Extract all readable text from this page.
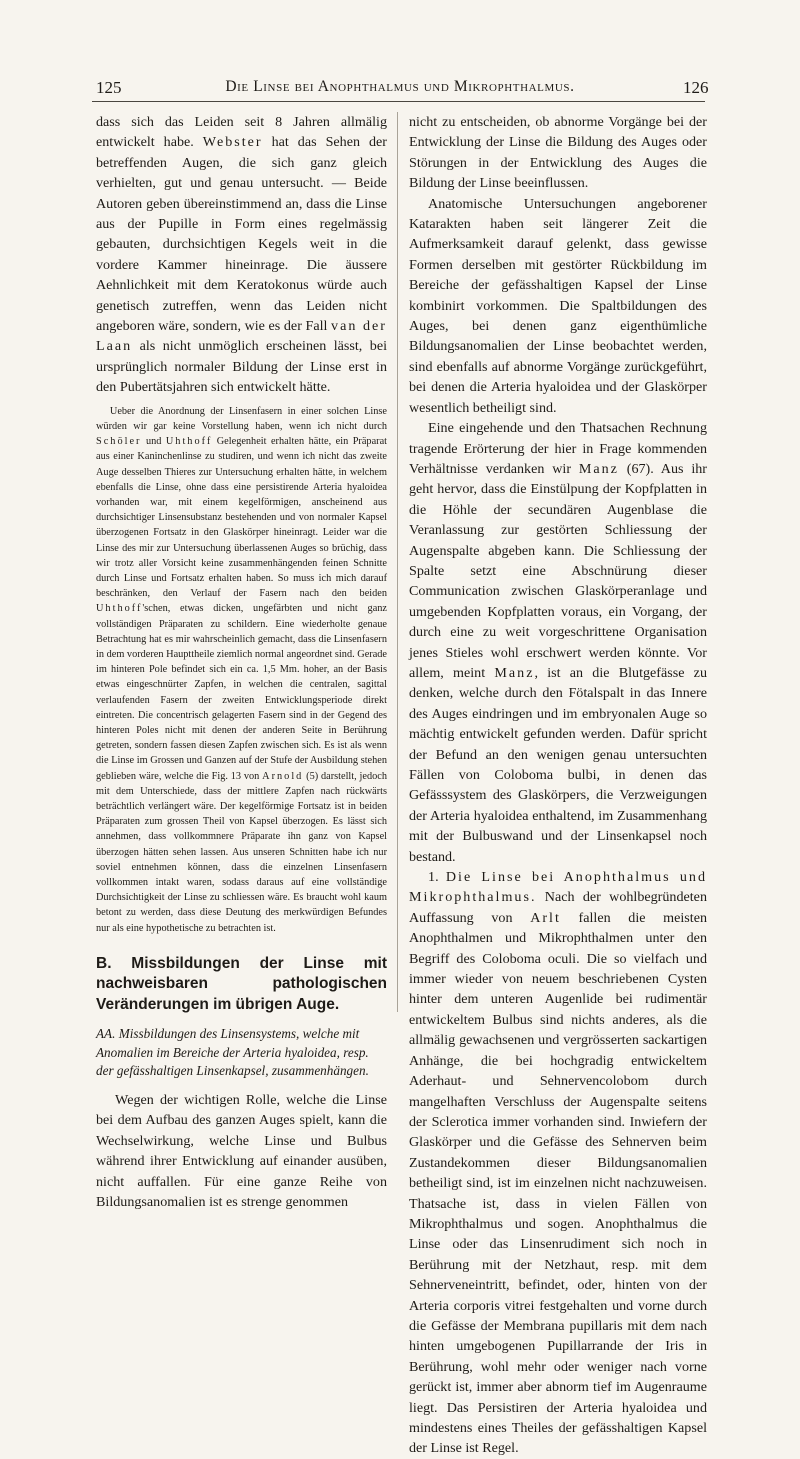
125	Die Linse bei Anophthalmus und Mikrophthalmus.	126

dass sich das Leiden seit 8 Jahren allmälig entwickelt habe. Webster hat das Sehen der betreffenden Augen, die sich ganz gleich verhielten, gut und genau untersucht. — Beide Autoren geben übereinstimmend an, dass die Linse aus der Pupille in Form eines regelmässig gebauten, durchsichtigen Kegels weit in die vordere Kammer hineinragе. Die äussere Aehnlichkeit mit dem Keratokonus würde auch genetisch zutreffen, wenn das Leiden nicht angeboren wäre, sondern, wie es der Fall van der Laan als nicht unmöglich erscheinen lässt, bei ursprünglich normaler Bildung der Linse erst in den Pubertätsjahren sich entwickelt hätte.

Ueber die Anordnung der Linsenfasern in einer solchen Linse würden wir gar keine Vorstellung haben, wenn ich nicht durch Schöler und Uhthoff Gelegenheit erhalten hätte, ein Präparat aus einer Kaninchenlinse zu studiren, und wenn ich nicht das zweite Auge desselben Thieres zur Untersuchung erhalten hätte, in welchem ebenfalls die Linse, ohne dass eine persistirende Arteria hyaloidea vorhanden war, mit einem kegelförmigen, anscheinend aus durchsichtiger Linsensubstanz bestehenden und von normaler Kapsel überzogenen Fortsatz in den Glaskörper hineinragt. Leider war die Linse des mir zur Untersuchung überlassenen Auges so brüchig, dass wir trotz aller Vorsicht keine zusammenhängenden feinen Schnitte durch Linse und Fortsatz erhalten haben. So muss ich mich darauf beschränken, den Verlauf der Fasern nach den beiden Uhthoff'schen, etwas dicken, ungefärbten und nicht ganz vollständigen Präparaten zu schildern. Eine wiederholte genaue Betrachtung hat es mir wahrscheinlich gemacht, dass die Linsenfasern in dem vorderen Haupttheile ziemlich normal angeordnet sind. Gerade im hinteren Pole befindet sich ein ca. 1,5 Mm. hoher, an der Basis etwas eingeschnürter Zapfen, in welchen die centralen, sagittal verlaufenden Fasern der zweiten Entwicklungsperiode direkt eintreten. Die concentrisch gelagerten Fasern sind in der Gegend des hinteren Poles nicht mit denen der anderen Seite in Berührung getreten, sondern fassen diesen Zapfen zwischen sich. Es ist als wenn die Linse im Grossen und Ganzen auf der Stufe der Ausbildung stehen geblieben wäre, welche die Fig. 13 von Arnold (5) darstellt, jedoch mit dem Unterschiede, dass der mittlere Zapfen nach rückwärts beträchtlich verlängert wäre. Der kegelförmige Fortsatz ist in beiden Präparaten zum grossen Theil von Kapsel überzogen. Es lässt sich annehmen, dass vollkommnere Präparate ihn ganz von Kapsel überzogen hätten sehen lassen. Aus unseren Schnitten habe ich nur soviel entnehmen können, dass die einzelnen Linsenfasern vollkommen intakt waren, sodass daraus auf eine vollständige Durchsichtigkeit der Linse zu schliessen wäre. Es braucht wohl kaum betont zu werden, dass diese Deutung des merkwürdigen Befundes nur als eine hypothetische zu betrachten ist.

B. Missbildungen der Linse mit nachweisbaren pathologischen Veränderungen im übrigen Auge.

AA. Missbildungen des Linsensystems, welche mit Anomalien im Bereiche der Arteria hyaloidea, resp. der gefässhaltigen Linsenkapsel, zusammenhängen.

Wegen der wichtigen Rolle, welche die Linse bei dem Aufbau des ganzen Auges spielt, kann die Wechselwirkung, welche Linse und Bulbus während ihrer Entwicklung auf einander ausüben, nicht auffallen. Für eine ganze Reihe von Bildungsanomalien ist es strenge genommen

nicht zu entscheiden, ob abnorme Vorgänge bei der Entwicklung der Linse die Bildung des Auges oder Störungen in der Entwicklung des Auges die Bildung der Linse beeinflussen.

Anatomische Untersuchungen angeborener Katarakten haben seit längerer Zeit die Aufmerksamkeit darauf gelenkt, dass gewisse Formen derselben mit gestörter Rückbildung im Bereiche der gefässhaltigen Kapsel der Linse kombinirt vorkommen. Die Spaltbildungen des Auges, bei denen ganz eigenthümliche Bildungsanomalien der Linse beobachtet werden, sind ebenfalls auf abnorme Vorgänge zurückgeführt, bei denen die Arteria hyaloidea und der Glaskörper wesentlich betheiligt sind.

Eine eingehende und den Thatsachen Rechnung tragende Erörterung der hier in Frage kommenden Verhältnisse verdanken wir Manz (67). Aus ihr geht hervor, dass die Einstülpung der Kopfplatten in die Höhle der secundären Augenblase die Veranlassung zur gestörten Schliessung der Augenspalte abgeben kann. Die Schliessung der Spalte setzt eine Abschnürung dieser Communication zwischen Glaskörperanlage und umgebenden Kopfplatten voraus, ein Vorgang, der durch eine zu weit vorgeschrittene Organisation jenes Stieles wohl erschwert werden könnte. Vor allem, meint Manz, ist an die Blutgefässe zu denken, welche durch den Fötalspalt in das Innere des Auges eindringen und im embryonalen Auge so mächtig entwickelt gefunden werden. Dafür spricht der Befund an den wenigen genau untersuchten Fällen von Coloboma bulbi, in denen das Gefässsystem des Glaskörpers, die Verzweigungen der Arteria hyaloidea enthaltend, im Zusammenhang mit der Bulbuswand und der Linsenkapsel noch bestand.

1. Die Linse bei Anophthalmus und Mikrophthalmus. Nach der wohlbegründeten Auffassung von Arlt fallen die meisten Anophthalmen und Mikrophthalmen unter den Begriff des Coloboma oculi. Die so vielfach und immer wieder von neuem beschriebenen Cysten hinter dem unteren Augenlide bei rudimentär entwickeltem Bulbus sind nichts anderes, als die allmälig gewachsenen und vergrösserten sackartigen Anhänge, die bei hochgradig entwickeltem Aderhaut- und Sehnervencolobom durch mangelhaften Verschluss der Augenspalte seitens der Sclerotica immer vorhanden sind. Inwiefern der Glaskörper und die Gefässe des Sehnerven beim Zustandekommen dieser Bildungsanomalien betheiligt sind, ist im einzelnen nicht nachzuweisen. Thatsache ist, dass in vielen Fällen von Mikrophthalmus und sogen. Anophthalmus die Linse oder das Linsenrudiment sich noch in Berührung mit der Netzhaut, resp. mit dem Sehnerveneintritt, befindet, oder, hinten von der Arteria corporis vitrei festgehalten und vorne durch die Gefässe der Membrana pupillaris mit dem nach hinten umgebogenen Pupillarrande der Iris in Berührung, wohl mehr oder weniger nach vorne gerückt ist, immer aber abnorm tief im Augenraume liegt. Das Persistiren der Arteria hyaloidea und mindestens eines Theiles der gefässhaltigen Kapsel der Linse ist Regel.
